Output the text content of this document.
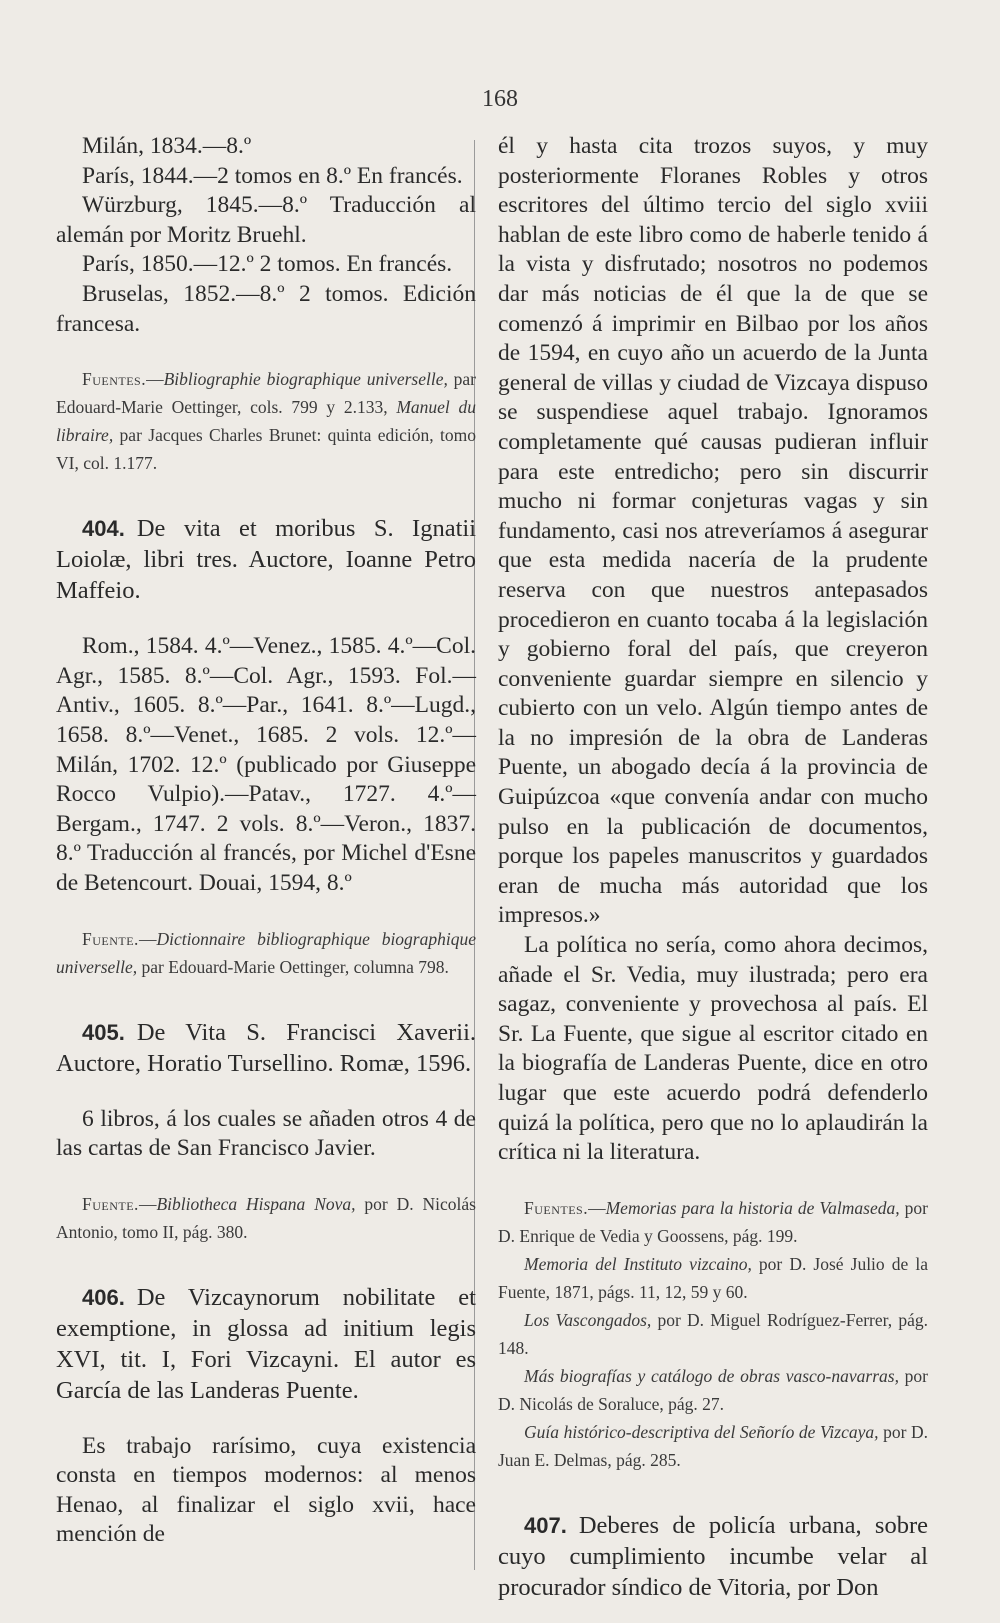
168

Milán, 1834.—8.º

París, 1844.—2 tomos en 8.º En francés.

Würzburg, 1845.—8.º Traducción al alemán por Moritz Bruehl.

París, 1850.—12.º 2 tomos. En francés.

Bruselas, 1852.—8.º 2 tomos. Edición francesa.

Fuentes.—Bibliographie biographique universelle, par Edouard-Marie Oettinger, cols. 799 y 2.133, Manuel du libraire, par Jacques Charles Brunet: quinta edición, tomo VI, col. 1.177.

404. De vita et moribus S. Ignatii Loiolæ, libri tres. Auctore, Ioanne Petro Maffeio.

Rom., 1584. 4.º—Venez., 1585. 4.º—Col. Agr., 1585. 8.º—Col. Agr., 1593. Fol.—Antiv., 1605. 8.º—Par., 1641. 8.º—Lugd., 1658. 8.º—Venet., 1685. 2 vols. 12.º—Milán, 1702. 12.º (publicado por Giuseppe Rocco Vulpio).—Patav., 1727. 4.º—Bergam., 1747. 2 vols. 8.º—Veron., 1837. 8.º Traducción al francés, por Michel d'Esne de Betencourt. Douai, 1594, 8.º

Fuente.—Dictionnaire bibliographique biographique universelle, par Edouard-Marie Oettinger, columna 798.

405. De Vita S. Francisci Xaverii. Auctore, Horatio Tursellino. Romæ, 1596.

6 libros, á los cuales se añaden otros 4 de las cartas de San Francisco Javier.

Fuente.—Bibliotheca Hispana Nova, por D. Nicolás Antonio, tomo II, pág. 380.

406. De Vizcaynorum nobilitate et exemptione, in glossa ad initium legis XVI, tit. I, Fori Vizcayni. El autor es García de las Landeras Puente.

Es trabajo rarísimo, cuya existencia consta en tiempos modernos: al menos Henao, al finalizar el siglo xvii, hace mención de

él y hasta cita trozos suyos, y muy posteriormente Floranes Robles y otros escritores del último tercio del siglo xviii hablan de este libro como de haberle tenido á la vista y disfrutado; nosotros no podemos dar más noticias de él que la de que se comenzó á imprimir en Bilbao por los años de 1594, en cuyo año un acuerdo de la Junta general de villas y ciudad de Vizcaya dispuso se suspendiese aquel trabajo. Ignoramos completamente qué causas pudieran influir para este entredicho; pero sin discurrir mucho ni formar conjeturas vagas y sin fundamento, casi nos atreveríamos á asegurar que esta medida nacería de la prudente reserva con que nuestros antepasados procedieron en cuanto tocaba á la legislación y gobierno foral del país, que creyeron conveniente guardar siempre en silencio y cubierto con un velo. Algún tiempo antes de la no impresión de la obra de Landeras Puente, un abogado decía á la provincia de Guipúzcoa «que convenía andar con mucho pulso en la publicación de documentos, porque los papeles manuscritos y guardados eran de mucha más autoridad que los impresos.»

La política no sería, como ahora decimos, añade el Sr. Vedia, muy ilustrada; pero era sagaz, conveniente y provechosa al país. El Sr. La Fuente, que sigue al escritor citado en la biografía de Landeras Puente, dice en otro lugar que este acuerdo podrá defenderlo quizá la política, pero que no lo aplaudirán la crítica ni la literatura.

Fuentes.—Memorias para la historia de Valmaseda, por D. Enrique de Vedia y Goossens, pág. 199.

Memoria del Instituto vizcaino, por D. José Julio de la Fuente, 1871, págs. 11, 12, 59 y 60.

Los Vascongados, por D. Miguel Rodríguez-Ferrer, pág. 148.

Más biografías y catálogo de obras vasco-navarras, por D. Nicolás de Soraluce, pág. 27.

Guía histórico-descriptiva del Señorío de Vizcaya, por D. Juan E. Delmas, pág. 285.

407. Deberes de policía urbana, sobre cuyo cumplimiento incumbe velar al procurador síndico de Vitoria, por Don
